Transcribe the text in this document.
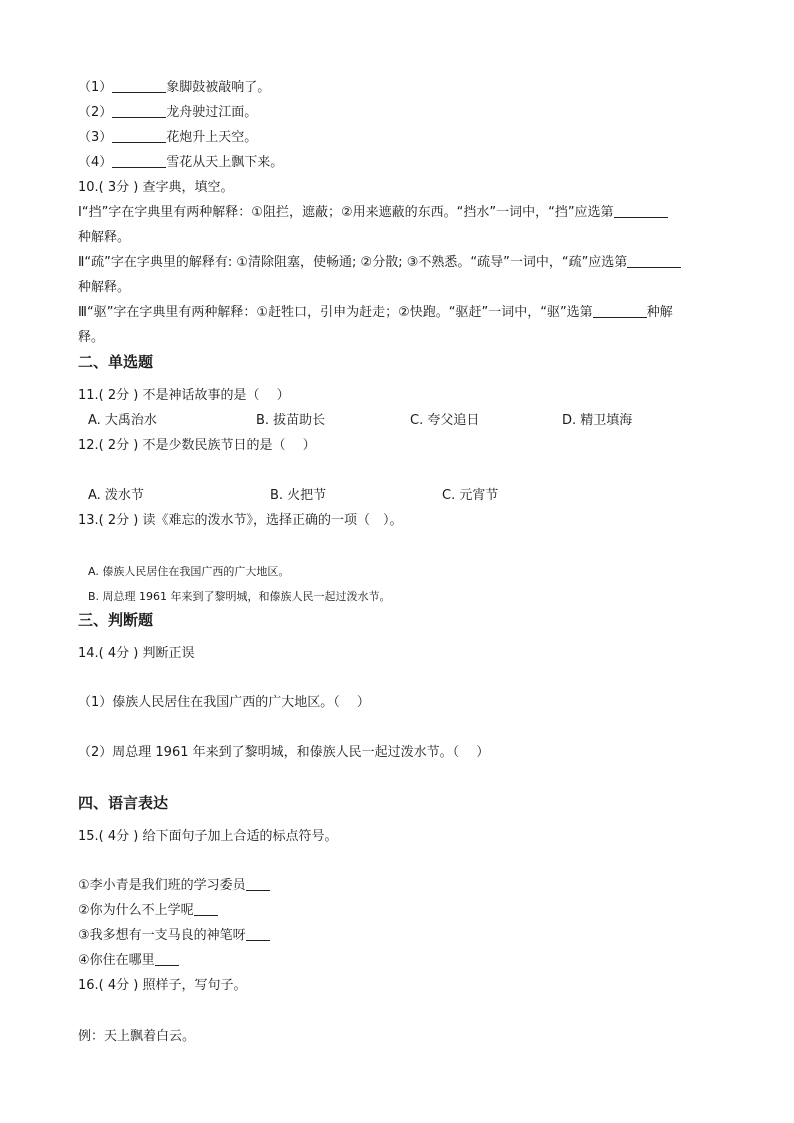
（1）	象脚鼓被敲响了。
（2）	龙舟驶过江面。
（3）	花炮升上天空。
（4）	雪花从天上飘下来。
10.( 3分 ) 查字典，填空。
Ⅰ“挡”字在字典里有两种解释：①阻拦，遮蔽；②用来遮蔽的东西。“挡水”一词中，“挡”应选第
种解释。
Ⅱ“疏”字在字典里的解释有: ①清除阻塞，使畅通; ②分散; ③不熟悉。“疏导”一词中，“疏”应选第
种解释。
Ⅲ“驱”字在字典里有两种解释：①赶牲口，引申为赶走；②快跑。“驱赶”一词中，“驱”选第	种解
释。
二、单选题
11.( 2分 ) 不是神话故事的是（　 ）
A. 大禹治水	B. 拔苗助长	C. 夸父追日	D. 精卫填海
12.( 2分 ) 不是少数民族节日的是（　 ）
A. 泼水节	B. 火把节	C. 元宵节
13.( 2分 ) 读《难忘的泼水节》，选择正确的一项（　）。
A. 傣族人民居住在我国广西的广大地区。
B. 周总理 1961 年来到了黎明城，和傣族人民一起过泼水节。
三、判断题
14.( 4分 ) 判断正误
（1）傣族人民居住在我国广西的广大地区。（　 ）
（2）周总理 1961 年来到了黎明城，和傣族人民一起过泼水节。（　 ）
四、语言表达
15.( 4分 ) 给下面句子加上合适的标点符号。
①李小青是我们班的学习委员
②你为什么不上学呢
③我多想有一支马良的神笔呀
④你住在哪里
16.( 4分 ) 照样子，写句子。
例：天上飘着白云。
